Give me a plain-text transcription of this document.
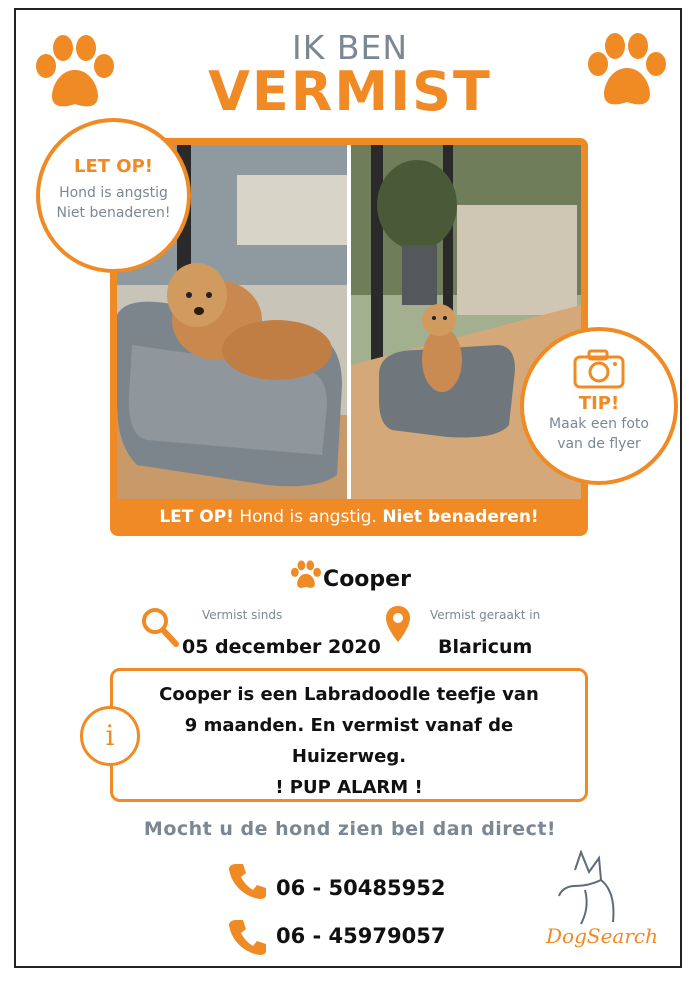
IK BEN
VERMIST
LET OP! Hond is angstig. Niet benaderen!
LET OP!
Hond is angstig
Niet benaderen!
TIP!
Maak een foto
van de flyer
Cooper
Vermist sinds
05 december 2020
Vermist geraakt in
Blaricum
Cooper is een Labradoodle teefje van
9 maanden. En vermist vanaf de
Huizerweg.
! PUP ALARM !
i
Mocht u de hond zien bel dan direct!
06 - 50485952
06 - 45979057	DogSearch
